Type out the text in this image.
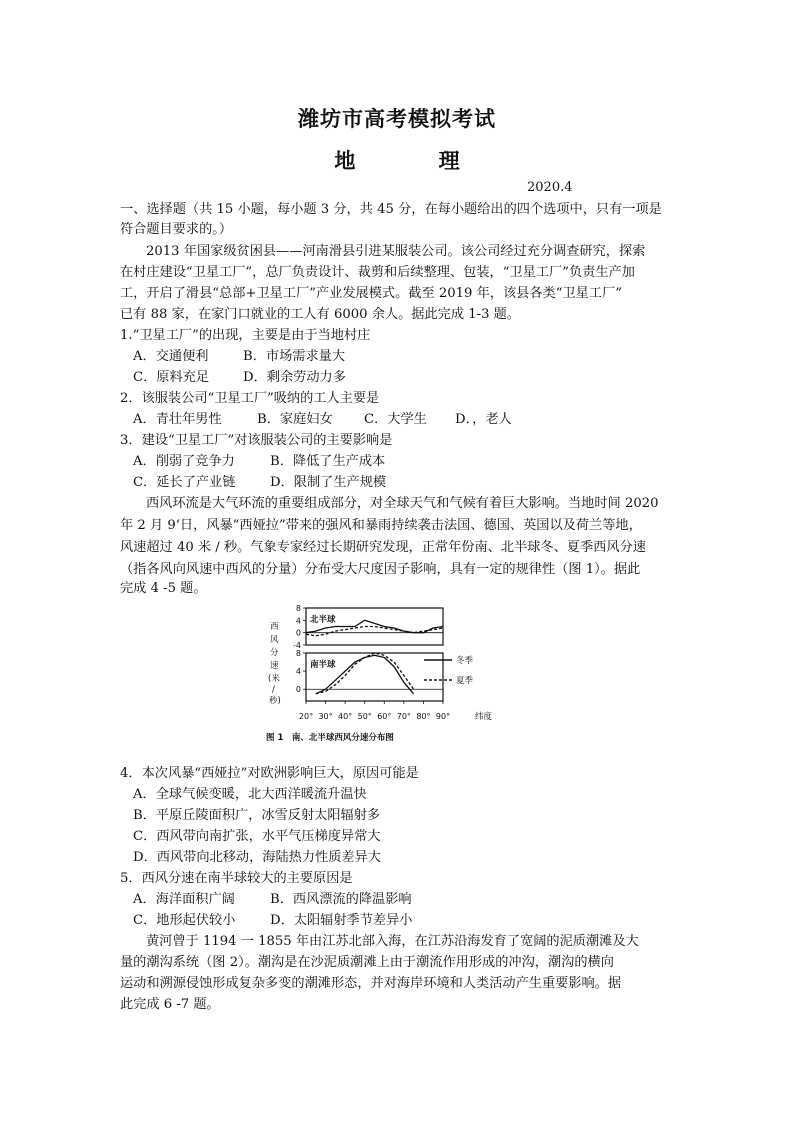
潍坊市高考模拟考试
地 理
2020.4
一、选择题（共 15 小题，每小题 3 分，共 45 分，在每小题给出的四个选项中，只有一项是
符合题目要求的。）
2013 年国家级贫困县——河南滑县引进某服装公司。该公司经过充分调查研究，探索
在村庄建设“卫星工厂”，总厂负责设计、裁剪和后续整理、包装，“卫星工厂”负责生产加
工，开启了滑县“总部+卫星工厂”产业发展模式。截至 2019 年，该县各类“卫星工厂”
已有 88 家，在家门口就业的工人有 6000 余人。据此完成 1-3 题。
1.“卫星工厂”的出现，主要是由于当地村庄
A．交通便利	B．市场需求量大
C．原料充足	D．剩余劳动力多
2．该服装公司“卫星工厂”吸纳的工人主要是
A．青壮年男性	B．家庭妇女 C．大学生 D．，老人
3．建设“卫星工厂”对该服装公司的主要影响是
A．削弱了竞争力	B．降低了生产成本
C．延长了产业链	D．限制了生产规模
西风环流是大气环流的重要组成部分，对全球天气和气候有着巨大影响。当地时间 2020
年 2 月 9‘日，风暴“西娅拉”带来的强风和暴雨持续袭击法国、德国、英国以及荷兰等地，
风速超过 40 米 / 秒。气象专家经过长期研究发现，正常年份南、北半球冬、夏季西风分速
（指各风向风速中西风的分量）分布受大尺度因子影响，具有一定的规律性（图 1）。据此
完成 4 -5 题。
西
风
分
速
(米
/
秒)
北半球
南半球	冬季
夏季
纬度
图 1　南、北半球西风分速分布图
8
4
0
-4
8
4
0
20° 30° 40° 50° 60° 70° 80° 90°
4．本次风暴“西娅拉”对欧洲影响巨大，原因可能是
A．全球气候变暖，北大西洋暖流升温快
B．平原丘陵面积广，冰雪反射太阳辐射多
C．西风带向南扩张，水平气压梯度异常大
D．西风带向北移动，海陆热力性质差异大
5．西风分速在南半球较大的主要原因是
A．海洋面积广阔	B．西风漂流的降温影响
C．地形起伏较小	D．太阳辐射季节差异小
黄河曾于 1194 一 1855 年由江苏北部入海，在江苏沿海发育了宽阔的泥质潮滩及大
量的潮沟系统（图 2）。潮沟是在沙泥质潮滩上由于潮流作用形成的冲沟，潮沟的横向
运动和溯源侵蚀形成复杂多变的潮滩形态，并对海岸环境和人类活动产生重要影响。据
此完成 6 -7 题。
